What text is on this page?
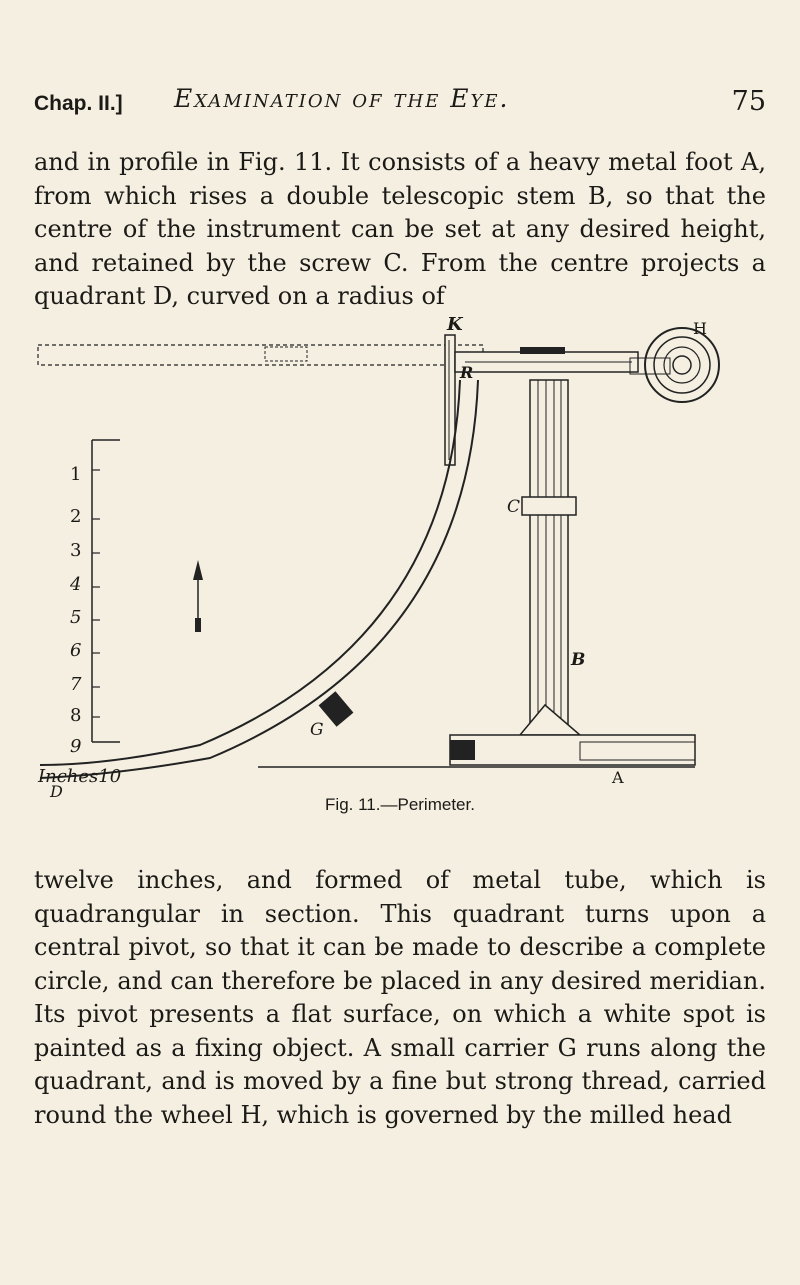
Chap. II.] Examination of the Eye.	75

and in profile in Fig. 11. It consists of a heavy metal foot A, from which rises a double telescopic stem B, so that the centre of the instrument can be set at any desired height, and retained by the screw C. From the centre projects a quadrant D, curved on a radius of

1
2
3
4
5
6
7
8
9
Inches10
K	H
R
C
B
G
D
A
Fig. 11.—Perimeter.

twelve inches, and formed of metal tube, which is quadrangular in section. This quadrant turns upon a central pivot, so that it can be made to describe a complete circle, and can therefore be placed in any desired meridian. Its pivot presents a flat surface, on which a white spot is painted as a fixing object. A small carrier G runs along the quadrant, and is moved by a fine but strong thread, carried round the wheel H, which is governed by the milled head
